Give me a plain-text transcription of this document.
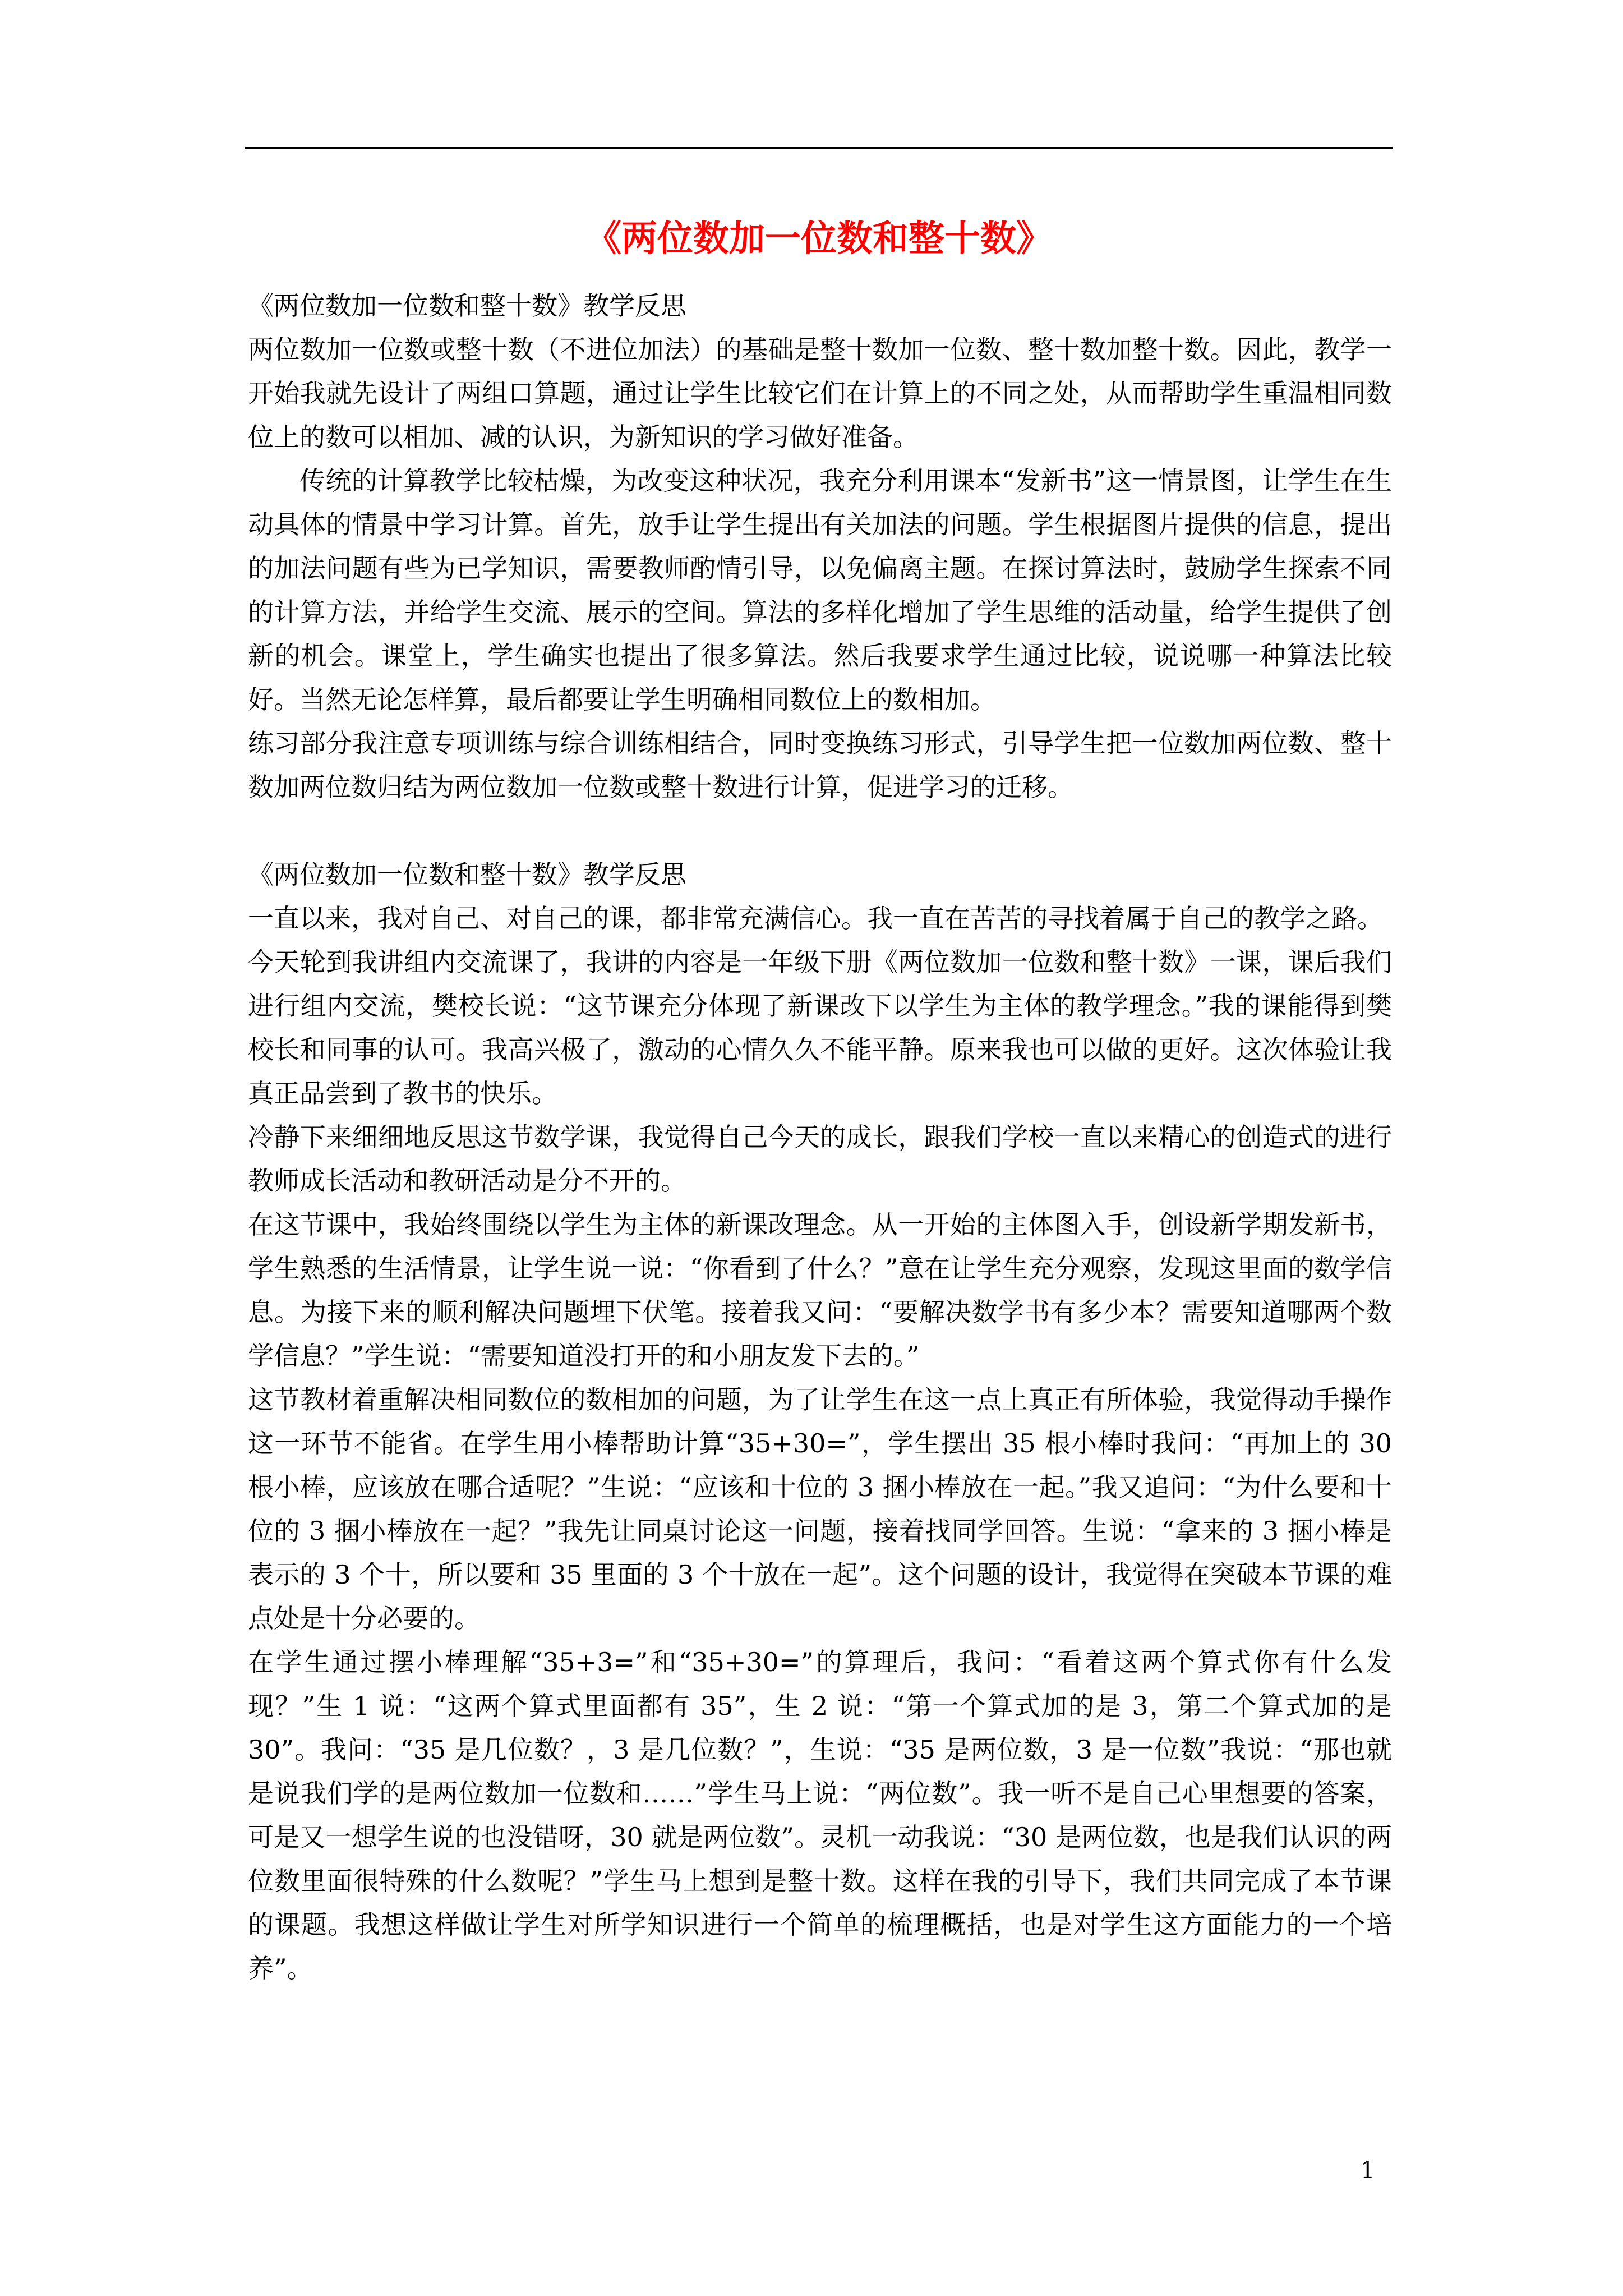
《两位数加一位数和整十数》

《两位数加一位数和整十数》教学反思

两位数加一位数或整十数（不进位加法）的基础是整十数加一位数、整十数加整十数。因此，教学一开始我就先设计了两组口算题，通过让学生比较它们在计算上的不同之处，从而帮助学生重温相同数位上的数可以相加、减的认识，为新知识的学习做好准备。

传统的计算教学比较枯燥，为改变这种状况，我充分利用课本“发新书”这一情景图，让学生在生动具体的情景中学习计算。首先，放手让学生提出有关加法的问题。学生根据图片提供的信息，提出的加法问题有些为已学知识，需要教师酌情引导，以免偏离主题。在探讨算法时，鼓励学生探索不同的计算方法，并给学生交流、展示的空间。算法的多样化增加了学生思维的活动量，给学生提供了创新的机会。课堂上，学生确实也提出了很多算法。然后我要求学生通过比较，说说哪一种算法比较好。当然无论怎样算，最后都要让学生明确相同数位上的数相加。

练习部分我注意专项训练与综合训练相结合，同时变换练习形式，引导学生把一位数加两位数、整十数加两位数归结为两位数加一位数或整十数进行计算，促进学习的迁移。

《两位数加一位数和整十数》教学反思

一直以来，我对自己、对自己的课，都非常充满信心。我一直在苦苦的寻找着属于自己的教学之路。

今天轮到我讲组内交流课了，我讲的内容是一年级下册《两位数加一位数和整十数》一课，课后我们进行组内交流，樊校长说：“这节课充分体现了新课改下以学生为主体的教学理念。”我的课能得到樊校长和同事的认可。我高兴极了，激动的心情久久不能平静。原来我也可以做的更好。这次体验让我真正品尝到了教书的快乐。

冷静下来细细地反思这节数学课，我觉得自己今天的成长，跟我们学校一直以来精心的创造式的进行教师成长活动和教研活动是分不开的。

在这节课中，我始终围绕以学生为主体的新课改理念。从一开始的主体图入手，创设新学期发新书，学生熟悉的生活情景，让学生说一说：“你看到了什么？”意在让学生充分观察，发现这里面的数学信息。为接下来的顺利解决问题埋下伏笔。接着我又问：“要解决数学书有多少本？需要知道哪两个数学信息？”学生说：“需要知道没打开的和小朋友发下去的。”

这节教材着重解决相同数位的数相加的问题，为了让学生在这一点上真正有所体验，我觉得动手操作这一环节不能省。在学生用小棒帮助计算“35+30=”，学生摆出 35 根小棒时我问：“再加上的 30 根小棒，应该放在哪合适呢？”生说：“应该和十位的 3 捆小棒放在一起。”我又追问：“为什么要和十位的 3 捆小棒放在一起？”我先让同桌讨论这一问题，接着找同学回答。生说：“拿来的 3 捆小棒是表示的 3 个十，所以要和 35 里面的 3 个十放在一起”。这个问题的设计，我觉得在突破本节课的难点处是十分必要的。

在学生通过摆小棒理解“35+3=”和“35+30=”的算理后，我问：“看着这两个算式你有什么发现？”生 1 说：“这两个算式里面都有 35”，生 2 说：“第一个算式加的是 3，第二个算式加的是 30”。我问：“35 是几位数？，3 是几位数？”，生说：“35 是两位数，3 是一位数”我说：“那也就是说我们学的是两位数加一位数和……”学生马上说：“两位数”。我一听不是自己心里想要的答案，可是又一想学生说的也没错呀，30 就是两位数”。灵机一动我说：“30 是两位数，也是我们认识的两位数里面很特殊的什么数呢？”学生马上想到是整十数。这样在我的引导下，我们共同完成了本节课的课题。我想这样做让学生对所学知识进行一个简单的梳理概括，也是对学生这方面能力的一个培养”。

1
